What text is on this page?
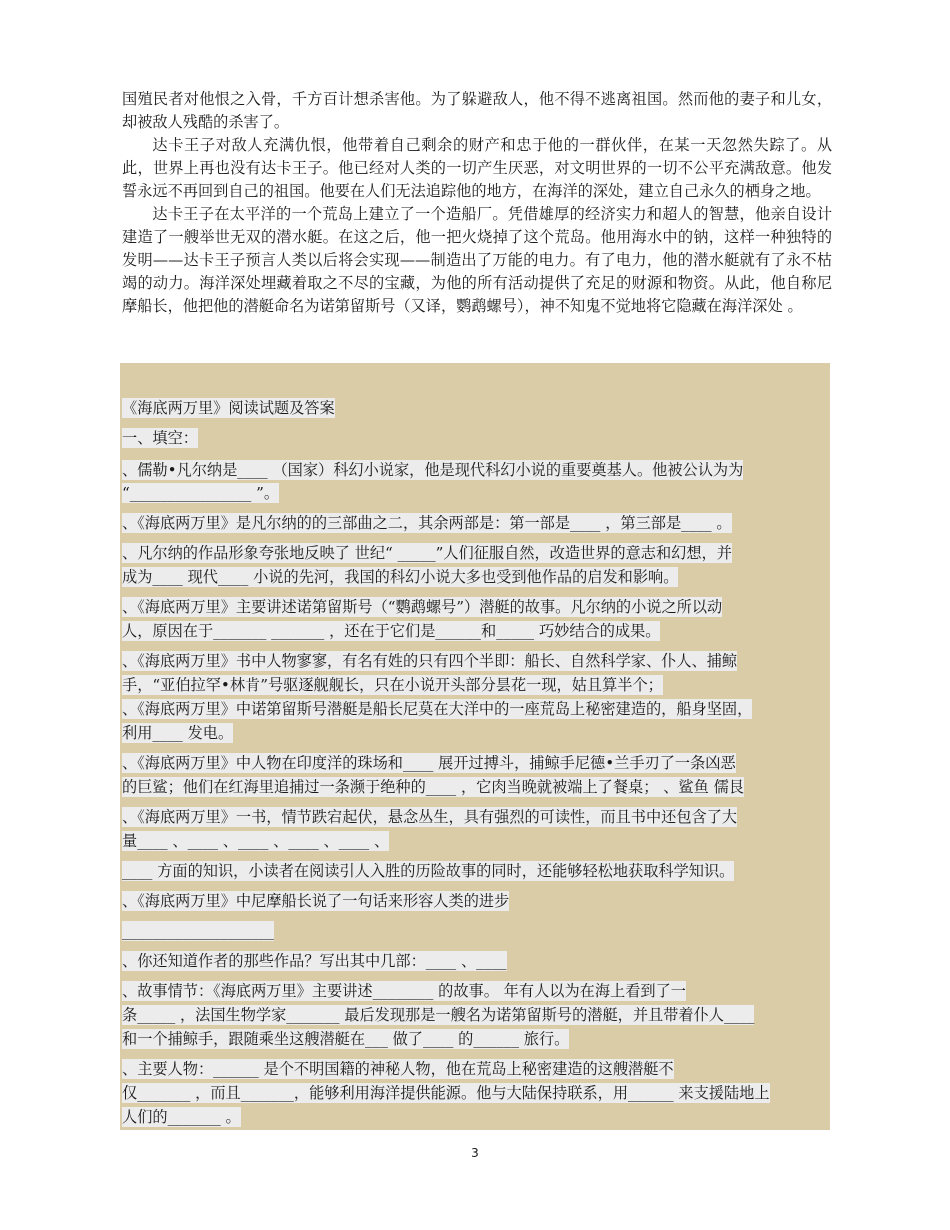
国殖民者对他恨之入骨，千方百计想杀害他。为了躲避敌人，他不得不逃离祖国。然而他的妻子和儿女，却被敌人残酷的杀害了。

达卡王子对敌人充满仇恨，他带着自己剩余的财产和忠于他的一群伙伴，在某一天忽然失踪了。从此，世界上再也没有达卡王子。他已经对人类的一切产生厌恶，对文明世界的一切不公平充满敌意。他发誓永远不再回到自己的祖国。他要在人们无法追踪他的地方，在海洋的深处，建立自己永久的栖身之地。

达卡王子在太平洋的一个荒岛上建立了一个造船厂。凭借雄厚的经济实力和超人的智慧，他亲自设计建造了一艘举世无双的潜水艇。在这之后，他一把火烧掉了这个荒岛。他用海水中的钠，这样一种独特的发明——达卡王子预言人类以后将会实现——制造出了万能的电力。有了电力，他的潜水艇就有了永不枯竭的动力。海洋深处埋藏着取之不尽的宝藏，为他的所有活动提供了充足的财源和物资。从此，他自称尼摩船长，他把他的潜艇命名为诺第留斯号（又译，鹦鹉螺号），神不知鬼不觉地将它隐藏在海洋深处 。

《海底两万里》阅读试题及答案
一、填空：
、儒勒•凡尔纳是____ （国家）科幻小说家，他是现代科幻小说的重要奠基人。他被公认为为
“________________ ”。
、《海底两万里》是凡尔纳的的三部曲之二，其余两部是：第一部是____ ，第三部是____ 。
、凡尔纳的作品形象夸张地反映了 世纪“ _____”人们征服自然，改造世界的意志和幻想，并
成为____ 现代____ 小说的先河，我国的科幻小说大多也受到他作品的启发和影响。
、《海底两万里》主要讲述诺第留斯号（“鹦鹉螺号”）潜艇的故事。凡尔纳的小说之所以动
人，原因在于_______ _______ ，还在于它们是______和_____ 巧妙结合的成果。
、《海底两万里》书中人物寥寥，有名有姓的只有四个半即：船长、自然科学家、仆人、捕鲸
手，“亚伯拉罕•林肯”号驱逐舰舰长，只在小说开头部分昙花一现，姑且算半个；
、《海底两万里》中诺第留斯号潜艇是船长尼莫在大洋中的一座荒岛上秘密建造的，船身坚固，
利用____ 发电。
、《海底两万里》中人物在印度洋的珠场和____ 展开过搏斗，捕鲸手尼德•兰手刃了一条凶恶
的巨鲨；他们在红海里追捕过一条濒于绝种的____ ，它肉当晚就被端上了餐桌； 、鲨鱼 儒艮
、《海底两万里》一书，情节跌宕起伏，悬念丛生，具有强烈的可读性，而且书中还包含了大
量____ 、____ 、____ 、____ 、____ 、
____ 方面的知识，小读者在阅读引人入胜的历险故事的同时，还能够轻松地获取科学知识。
、《海底两万里》中尼摩船长说了一句话来形容人类的进步
____________________
、你还知道作者的那些作品？写出其中几部：____ 、____
、故事情节：《海底两万里》主要讲述________ 的故事。 年有人以为在海上看到了一
条_____ ，法国生物学家_______ 最后发现那是一艘名为诺第留斯号的潜艇，并且带着仆人____
和一个捕鲸手，跟随乘坐这艘潜艇在___ 做了____ 的______ 旅行。
、主要人物：______ 是个不明国籍的神秘人物，他在荒岛上秘密建造的这艘潜艇不
仅_______ ，而且_______，能够利用海洋提供能源。他与大陆保持联系，用______ 来支援陆地上
人们的_______ 。
3
